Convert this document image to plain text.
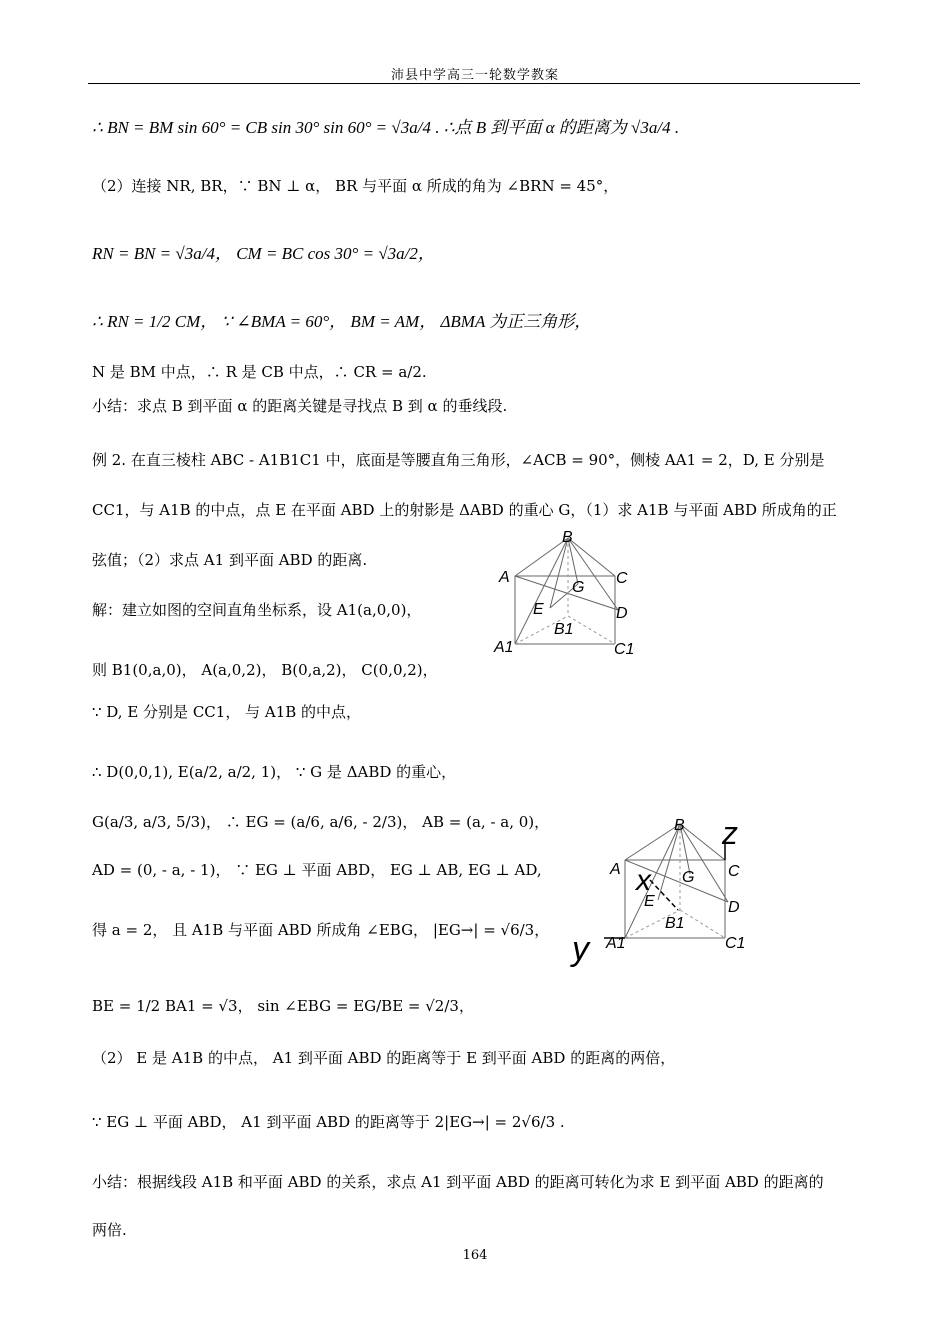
沛县中学高三一轮数学教案
∴ BN = BM sin 60° = CB sin 30° sin 60° = √3a/4 . ∴点 B 到平面 α 的距离为 √3a/4 .
（2）连接 NR, BR，∵ BN ⊥ α， BR 与平面 α 所成的角为 ∠BRN = 45°，
RN = BN = √3a/4， CM = BC cos 30° = √3a/2，
∴ RN = 1/2 CM， ∵ ∠BMA = 60°， BM = AM， ΔBMA 为正三角形，
N 是 BM 中点，∴ R 是 CB 中点，∴ CR = a/2.
小结：求点 B 到平面 α 的距离关键是寻找点 B 到 α 的垂线段.
例 2. 在直三棱柱 ABC - A1B1C1 中，底面是等腰直角三角形，∠ACB = 90°，侧棱 AA1 = 2，D, E 分别是
CC1，与 A1B 的中点，点 E 在平面 ABD 上的射影是 ΔABD 的重心 G，（1）求 A1B 与平面 ABD 所成角的正
弦值；（2）求点 A1 到平面 ABD 的距离.
解：建立如图的空间直角坐标系，设 A1(a,0,0)，
则 B1(0,a,0)， A(a,0,2)， B(0,a,2)， C(0,0,2)，
∵ D, E 分别是 CC1， 与 A1B 的中点，
∴ D(0,0,1), E(a/2, a/2, 1)， ∵ G 是 ΔABD 的重心，
G(a/3, a/3, 5/3)， ∴ EG = (a/6, a/6, - 2/3)， AB = (a, - a, 0)，
AD = (0, - a, - 1)， ∵ EG ⊥ 平面 ABD， EG ⊥ AB, EG ⊥ AD,
得 a = 2， 且 A1B 与平面 ABD 所成角 ∠EBG， |EG→| = √6/3，
BE = 1/2 BA1 = √3， sin ∠EBG = EG/BE = √2/3，
（2） E 是 A1B 的中点， A1 到平面 ABD 的距离等于 E 到平面 ABD 的距离的两倍，
∵ EG ⊥ 平面 ABD， A1 到平面 ABD 的距离等于 2|EG→| = 2√6/3 .
小结：根据线段 A1B 和平面 ABD 的关系，求点 A1 到平面 ABD 的距离可转化为求 E 到平面 ABD 的距离的
两倍.
B
A
G
C
E	D
B1
A1	C1
B z
A	C
x G
E	D
B1
y A1	C1
164
